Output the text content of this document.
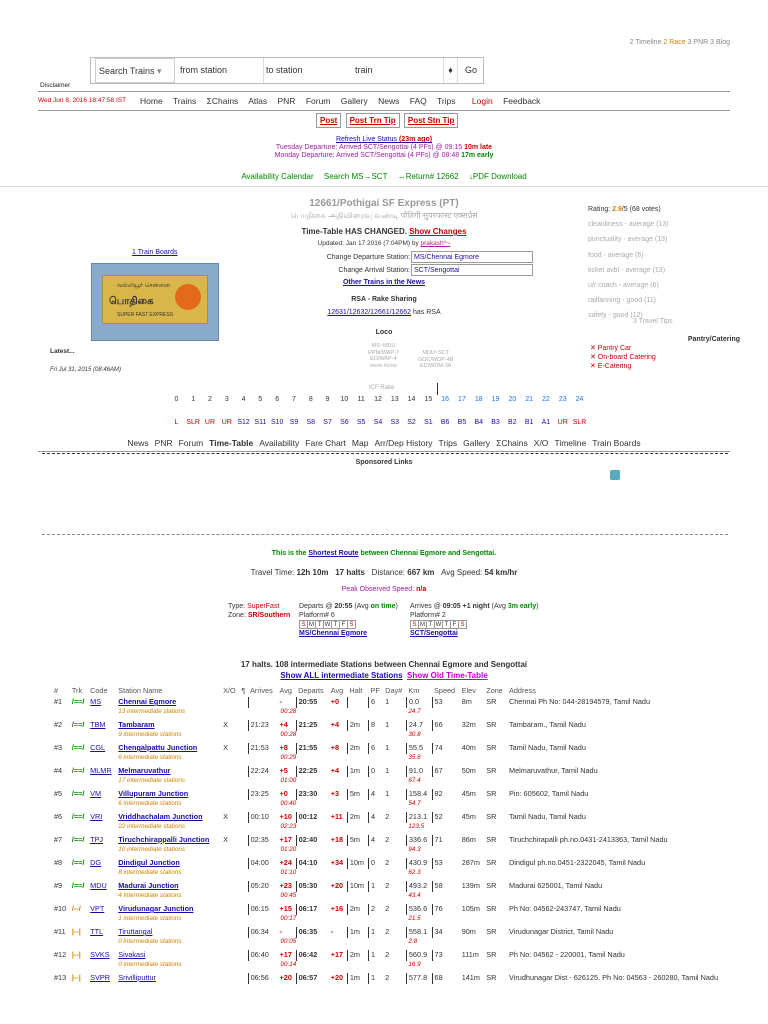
2 Timeline 2 Race 3 PNR 3 Blog
Search Trains ▾	from station	to station	train	♦	Go
Disclaimer
Wed Jun 8, 2016 18:47:58 IST Home Trains ΣChains Atlas PNR Forum Gallery News FAQ Trips Login Feedback
Post Post Trn Tip Post Stn Tip
Refresh Live Status (23m ago)
Tuesday Departure: Arrived SCT/Sengottai (4 PFs) @ 09:15 10m late
Monday Departure: Arrived SCT/Sengottai (4 PFs) @ 08:48 17m early
Availability Calendar Search MS→SCT ↔Return# 12662 ↓PDF Download
12661/Pothigai SF Express (PT)
பொதிகை அதிவிரைவு வண்டி पोतिगी सुपरफास्ट एक्सप्रेस
Rating: 2.9/5 (68 votes)
cleanliness - average (13)
punctuality - average (13)
food - average (6)
ticket avbl - average (13)
u/r coach - average (6)
railfanning - good (11)
safety - good (12)
3 Travel Tips
Time-Table HAS CHANGED. Show Changes
Updated: Jan 17 2016 (7:04PM) by prakash^~
Change Departure Station: MS/Chennai Egmore
Change Arrival Station: SCT/Sengottai
Other Trains in the News
RSA - Rake Sharing
12631/12632/12661/12662 has RSA
Loco
MS~MDU
RPM/WAP-7
ED/WAP-4
more locos
MDU~SCT
GOC/WDP-4B
ED/WDM-3A
ICF Rake
1 Train Boards
வல்லியூர் சென்னை
பொதிகை
SUPER FAST EXPRESS
Latest...
Fri Jul 31, 2015 (08:46AM)
Pantry/Catering
✕ Pantry Car
✕ On-board Catering
✕ E-Catering
0 1 2 3 4 5 6 7 8 9 10 11 12 13 14 15 16 17 18 19 20 21 22 23 24
L SLR UR UR S12 S11 S10 S9 S8 S7 S6 S5 S4 S3 S2 S1 B6 B5 B4 B3 B2 B1 A1 UR SLR
News PNR Forum Time-Table Availability Fare Chart Map Arr/Dep History Trips Gallery ΣChains X/O Timeline Train Boards
Sponsored Links
This is the Shortest Route between Chennai Egmore and Sengottai.
Travel Time: 12h 10m 17 halts Distance: 667 km Avg Speed: 54 km/hr
Peak Observed Speed: n/a
Type: SuperFast
Zone: SR/Southern
Departs @ 20:55 (Avg on time)
Platform# 6
S M T W T F S
MS/Chennai Egmore
Arrives @ 09:05 +1 night (Avg 3m early)
Platform# 2
S M T W T F S
SCT/Sengottai
17 halts. 108 intermediate Stations between Chennai Egmore and Sengottai
Show ALL intermediate Stations Show Old Time-Table
#	Trk	Code	Station Name	X/O	¶	Arrives	Avg	Departs	Avg	Halt	PF	Day#	Km	Speed	Elev	Zone	Address
#1	/==/	MS	Chennai Egmore				-	20:55	+0		6	1	0.0	53	8m	SR	Chennai Ph No: 044-28194579, Tamil Nadu
			13 intermediate stations			00:28							24.7				
#2	/==/	TBM	Tambaram	X		21:23	+4	21:25	+4	2m	8	1	24.7	66	32m	SR	Tambaram., Tamil Nadu
			9 intermediate stations			00:28							30.8				
#3	/==/	CGL	Chengalpattu Junction	X		21:53	+8	21:55	+8	2m	6	1	55.5	74	40m	SR	Tamil Nadu, Tamil Nadu
			6 intermediate stations			00:29							35.6				
#4	/==/	MLMR	Melmaruvathur			22:24	+5	22:25	+4	1m	0	1	91.0	67	50m	SR	Melmaruvathur, Tamil Nadu
			17 intermediate stations			01:00							67.4				
#5	/==/	VM	Villupuram Junction			23:25	+0	23:30	+3	5m	4	1	158.4	82	45m	SR	Pin: 605602, Tamil Nadu
			6 intermediate stations			00:40							54.7				
#6	/==/	VRI	Vriddhachalam Junction	X		00:10	+10	00:12	+11	2m	4	2	213.1	52	45m	SR	Tamil Nadu, Tamil Nadu
			22 intermediate stations			02:23							123.5				
#7	/==/	TPJ	Tiruchchirappalli Junction	X		02:35	+17	02:40	+18	5m	4	2	336.6	71	86m	SR	Tiruchchirapalli ph.no.0431-2413363, Tamil Nadu
			10 intermediate stations			01:20							94.3				
#8	/==/	DG	Dindigul Junction			04:00	+24	04:10	+34	10m	0	2	430.9	53	287m	SR	Dindigul ph.no.0451-2322045, Tamil Nadu
			8 intermediate stations			01:10							62.3				
#9	/==/	MDU	Madurai Junction			05:20	+23	05:30	+20	10m	1	2	493.2	58	139m	SR	Madurai 625001, Tamil Nadu
			4 intermediate stations			00:45							43.4				
#10	/--/	VPT	Virudunagar Junction			06:15	+15	06:17	+16	2m	2	2	536.6	76	105m	SR	Ph No: 04562-243747, Tamil Nadu
			1 intermediate stations			00:17							21.5				
#11	|--|	TTL	Tiruttangal			06:34	-	06:35	-	1m	1	2	558.1	34	90m	SR	Virudunagar District, Tamil Nadu
			0 intermediate stations			00:05							2.8				
#12	|--|	SVKS	Sivakasi			06:40	+17	06:42	+17	2m	1	2	560.9	73	111m	SR	Ph No: 04562 - 220001, Tamil Nadu
			0 intermediate stations			00:14							16.9				
#13	|--|	SVPR	Srivilliputtur			06:56	+20	06:57	+20	1m	1	2	577.8	68	141m	SR	Virudhunagar Dist - 626125. Ph No: 04563 - 260280, Tamil Nadu
